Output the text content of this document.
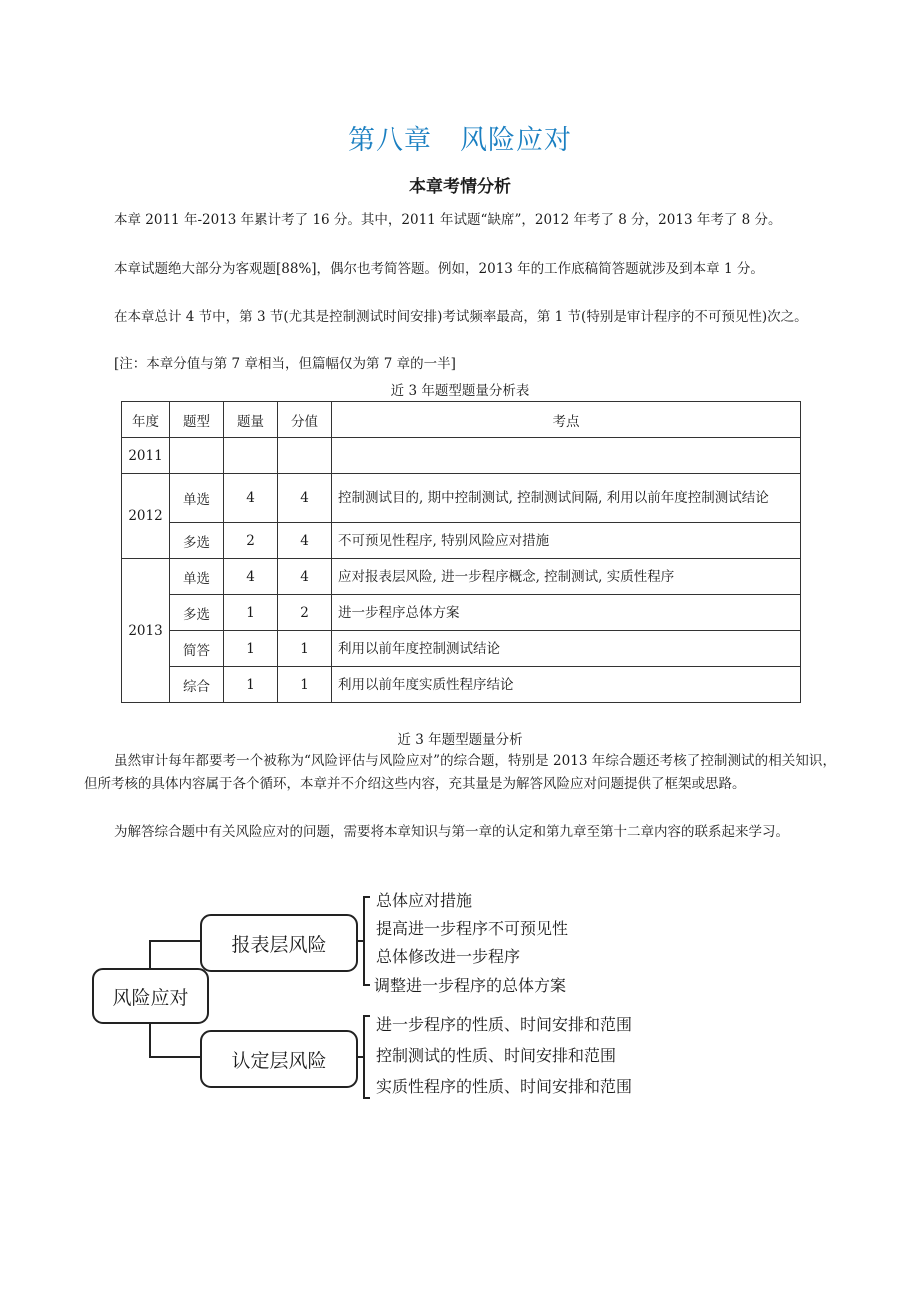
第八章　风险应对
本章考情分析

本章 2011 年-2013 年累计考了 16 分。其中，2011 年试题“缺席”，2012 年考了 8 分，2013 年考了 8 分。

本章试题绝大部分为客观题[88%]，偶尔也考简答题。例如，2013 年的工作底稿简答题就涉及到本章 1 分。

在本章总计 4 节中，第 3 节(尤其是控制测试时间安排)考试频率最高，第 1 节(特别是审计程序的不可预见性)次之。

[注：本章分值与第 7 章相当，但篇幅仅为第 7 章的一半]

近 3 年题型题量分析表
年度	题型	题量	分值	考点
2011				
2012	单选	4	4	控制测试目的, 期中控制测试, 控制测试间隔, 利用以前年度控制测试结论
	多选	2	4	不可预见性程序, 特别风险应对措施
2013	单选	4	4	应对报表层风险, 进一步程序概念, 控制测试, 实质性程序
	多选	1	2	进一步程序总体方案
	简答	1	1	利用以前年度控制测试结论
	综合	1	1	利用以前年度实质性程序结论
近 3 年题型题量分析

虽然审计每年都要考一个被称为“风险评估与风险应对”的综合题，特别是 2013 年综合题还考核了控制测试的相关知识，但所考核的具体内容属于各个循环，本章并不介绍这些内容，充其量是为解答风险应对问题提供了框架或思路。

为解答综合题中有关风险应对的问题，需要将本章知识与第一章的认定和第九章至第十二章内容的联系起来学习。

风险应对
报表层风险
认定层风险
总体应对措施
提高进一步程序不可预见性
总体修改进一步程序
调整进一步程序的总体方案
进一步程序的性质、时间安排和范围
控制测试的性质、时间安排和范围
实质性程序的性质、时间安排和范围
